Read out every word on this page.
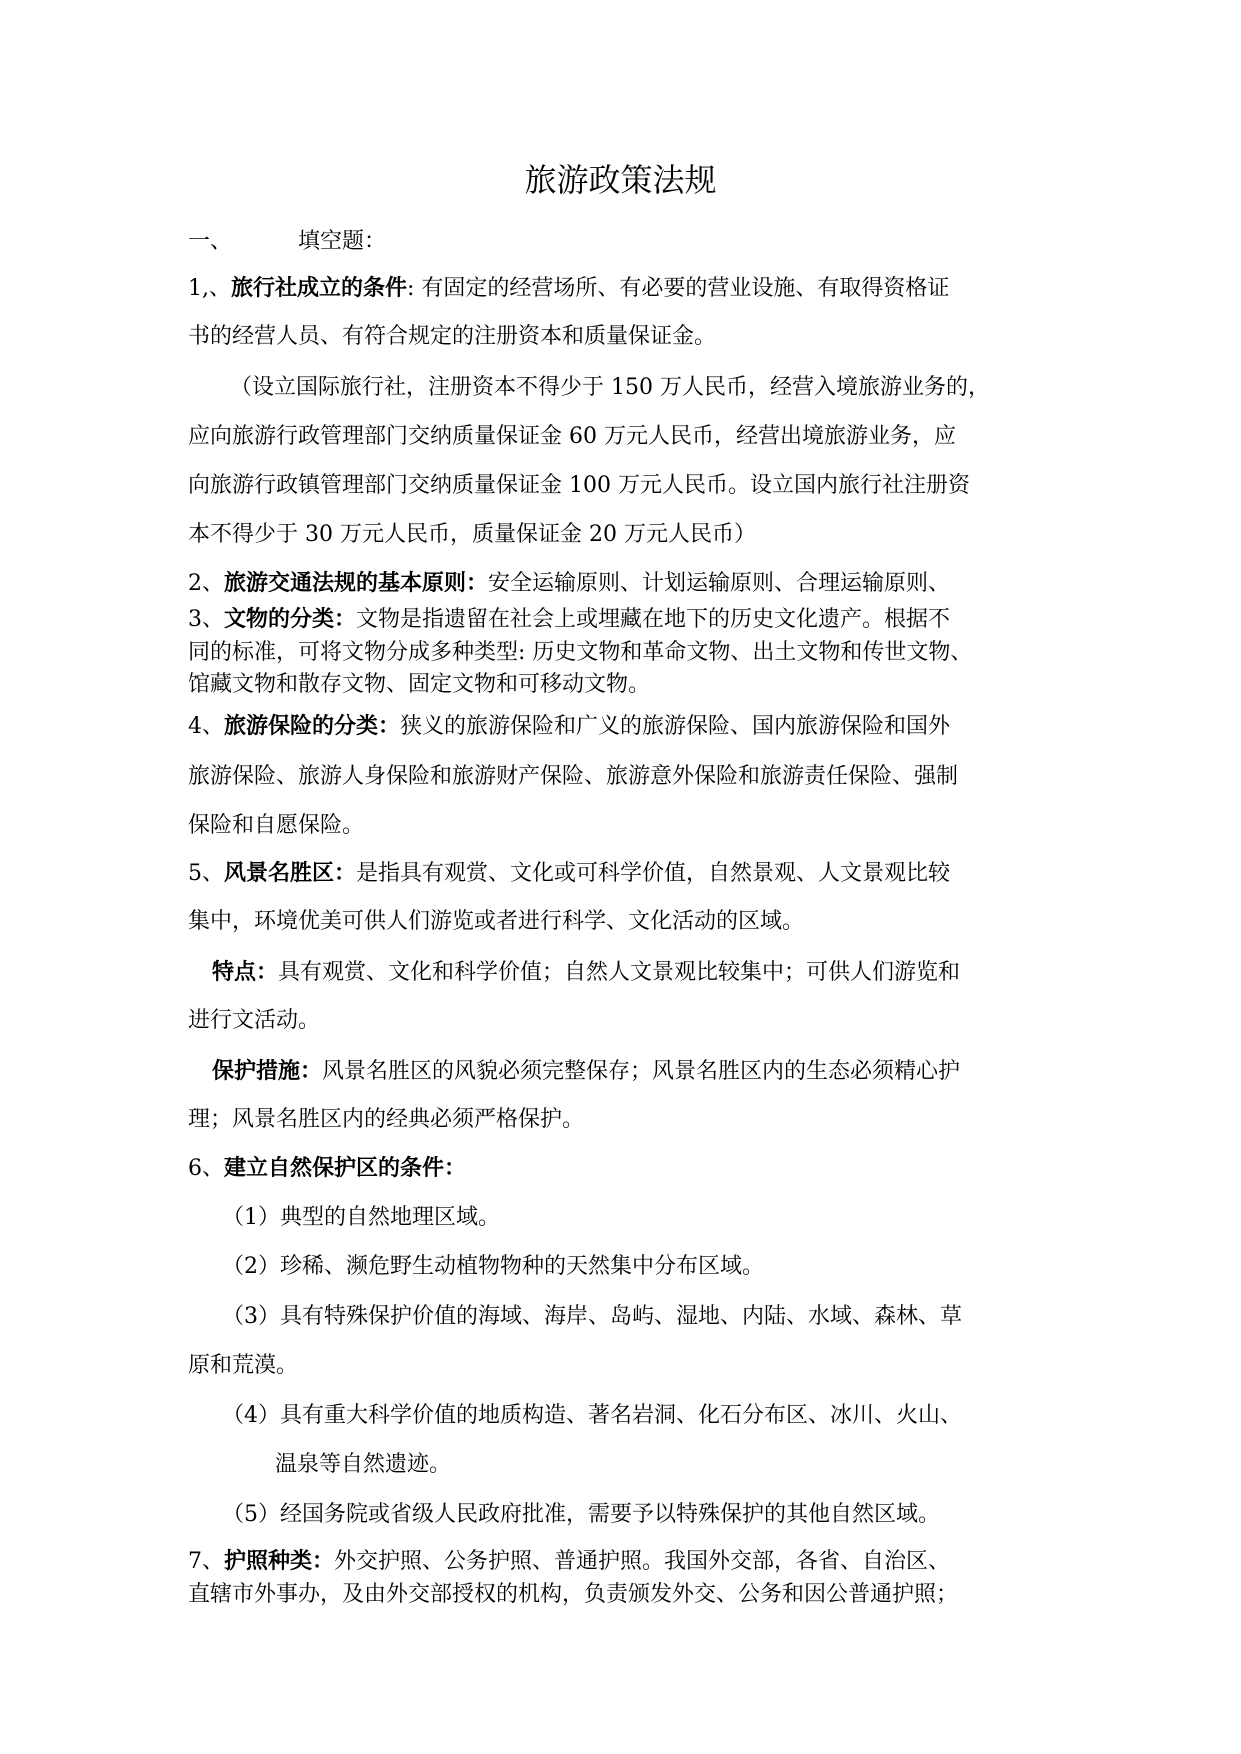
旅游政策法规
一、	填空题：
1,、旅行社成立的条件: 有固定的经营场所、有必要的营业设施、有取得资格证
书的经营人员、有符合规定的注册资本和质量保证金。
（设立国际旅行社，注册资本不得少于 150 万人民币，经营入境旅游业务的，
应向旅游行政管理部门交纳质量保证金 60 万元人民币，经营出境旅游业务，应
向旅游行政镇管理部门交纳质量保证金 100 万元人民币。设立国内旅行社注册资
本不得少于 30 万元人民币，质量保证金 20 万元人民币）
2、旅游交通法规的基本原则：安全运输原则、计划运输原则、合理运输原则、
3、文物的分类：文物是指遗留在社会上或埋藏在地下的历史文化遗产。根据不
同的标准，可将文物分成多种类型: 历史文物和革命文物、出土文物和传世文物、
馆藏文物和散存文物、固定文物和可移动文物。
4、旅游保险的分类：狭义的旅游保险和广义的旅游保险、国内旅游保险和国外
旅游保险、旅游人身保险和旅游财产保险、旅游意外保险和旅游责任保险、强制
保险和自愿保险。
5、风景名胜区：是指具有观赏、文化或可科学价值，自然景观、人文景观比较
集中，环境优美可供人们游览或者进行科学、文化活动的区域。
特点：具有观赏、文化和科学价值；自然人文景观比较集中；可供人们游览和
进行文活动。
保护措施：风景名胜区的风貌必须完整保存；风景名胜区内的生态必须精心护
理；风景名胜区内的经典必须严格保护。
6、建立自然保护区的条件：
（1）典型的自然地理区域。
（2）珍稀、濒危野生动植物物种的天然集中分布区域。
（3）具有特殊保护价值的海域、海岸、岛屿、湿地、内陆、水域、森林、草
原和荒漠。
（4）具有重大科学价值的地质构造、著名岩洞、化石分布区、冰川、火山、
温泉等自然遗迹。
（5）经国务院或省级人民政府批准，需要予以特殊保护的其他自然区域。
7、护照种类：外交护照、公务护照、普通护照。我国外交部，各省、自治区、
直辖市外事办，及由外交部授权的机构，负责颁发外交、公务和因公普通护照；
